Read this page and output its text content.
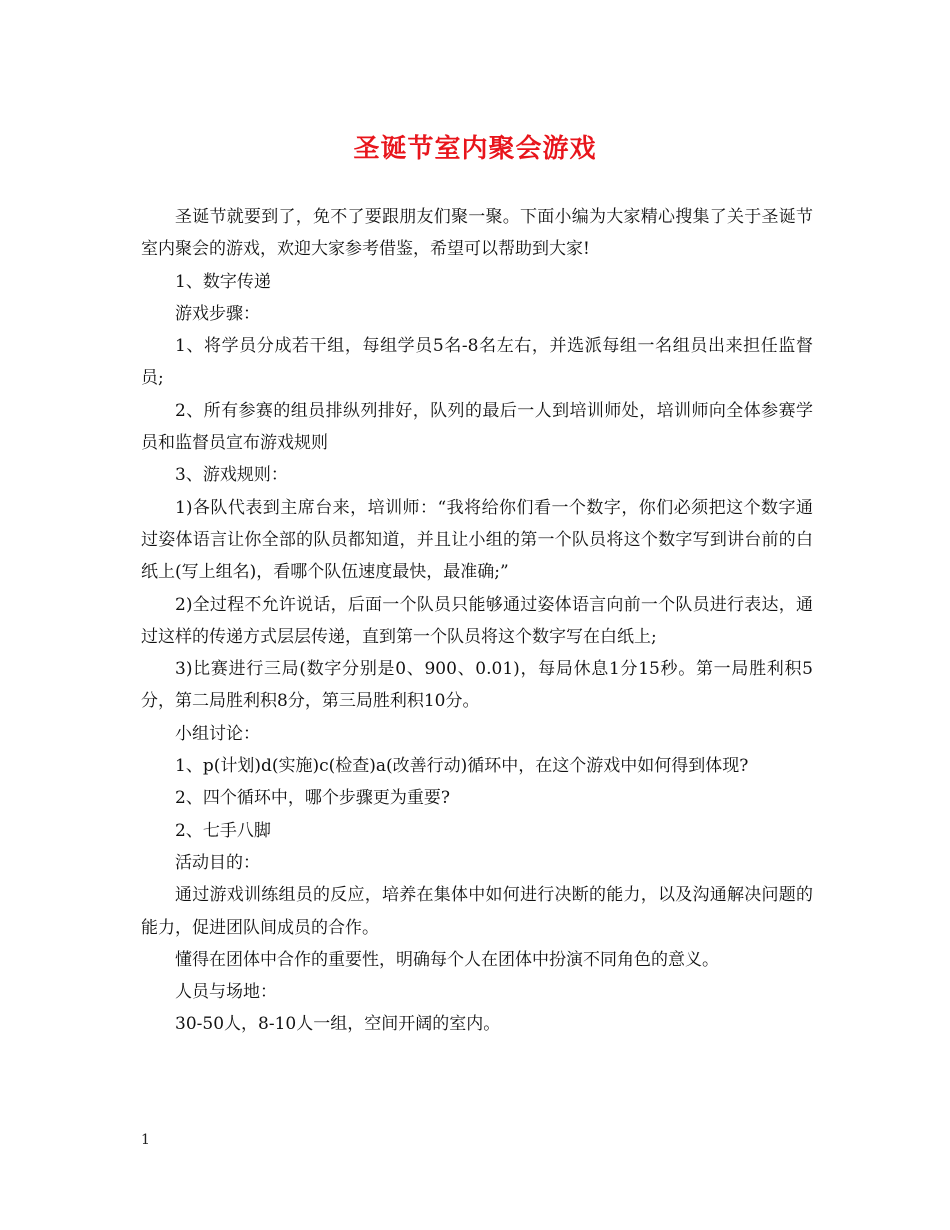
圣诞节室内聚会游戏

圣诞节就要到了，免不了要跟朋友们聚一聚。下面小编为大家精心搜集了关于圣诞节室内聚会的游戏，欢迎大家参考借鉴，希望可以帮助到大家!

1、数字传递

游戏步骤：

1、将学员分成若干组，每组学员5名-8名左右，并选派每组一名组员出来担任监督员;

2、所有参赛的组员排纵列排好，队列的最后一人到培训师处，培训师向全体参赛学员和监督员宣布游戏规则

3、游戏规则：

1)各队代表到主席台来，培训师：“我将给你们看一个数字，你们必须把这个数字通过姿体语言让你全部的队员都知道，并且让小组的第一个队员将这个数字写到讲台前的白纸上(写上组名)，看哪个队伍速度最快，最准确;”

2)全过程不允许说话，后面一个队员只能够通过姿体语言向前一个队员进行表达，通过这样的传递方式层层传递，直到第一个队员将这个数字写在白纸上;

3)比赛进行三局(数字分别是0、900、0.01)，每局休息1分15秒。第一局胜利积5分，第二局胜利积8分，第三局胜利积10分。

小组讨论：

1、p(计划)d(实施)c(检查)a(改善行动)循环中，在这个游戏中如何得到体现?

2、四个循环中，哪个步骤更为重要?

2、七手八脚

活动目的：

通过游戏训练组员的反应，培养在集体中如何进行决断的能力，以及沟通解决问题的能力，促进团队间成员的合作。

懂得在团体中合作的重要性，明确每个人在团体中扮演不同角色的意义。

人员与场地：

30-50人，8-10人一组，空间开阔的室内。

1
